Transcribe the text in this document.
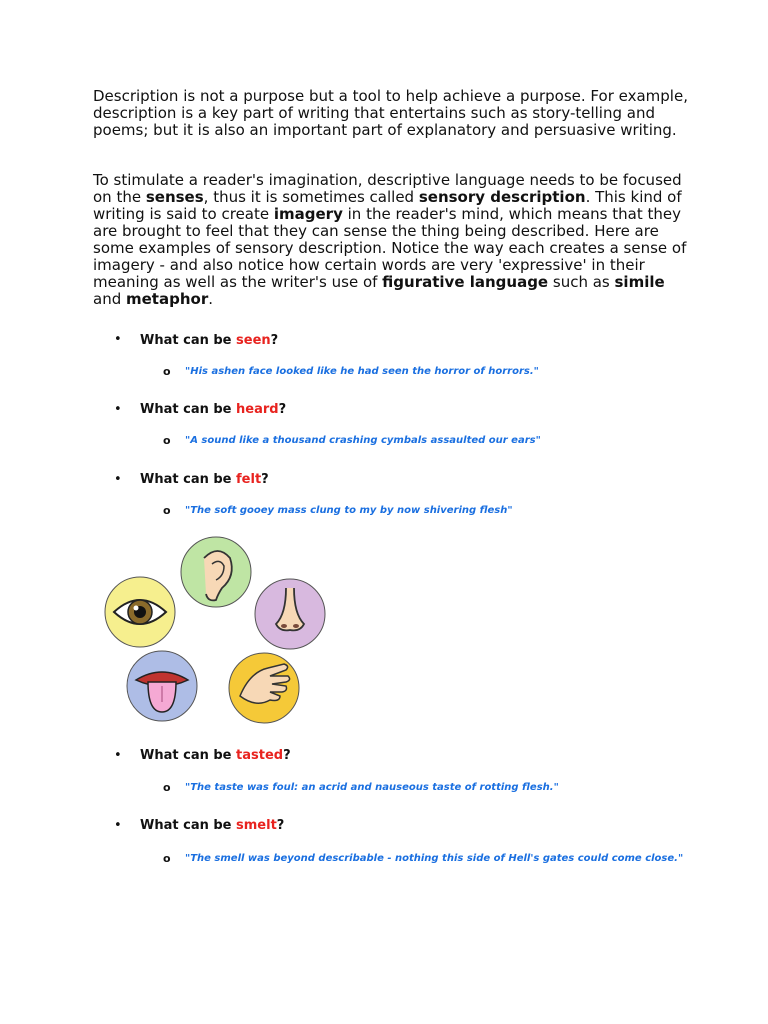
Description is not a purpose but a tool to help achieve a purpose. For example, description is a key part of writing that entertains such as story-telling and poems; but it is also an important part of explanatory and persuasive writing.

To stimulate a reader's imagination, descriptive language needs to be focused on the senses, thus it is sometimes called sensory description. This kind of writing is said to create imagery in the reader's mind, which means that they are brought to feel that they can sense the thing being described. Here are some examples of sensory description. Notice the way each creates a sense of imagery - and also notice how certain words are very 'expressive' in their meaning as well as the writer's use of figurative language such as simile and metaphor.

• What can be seen?
o "His ashen face looked like he had seen the horror of horrors."
• What can be heard?
o "A sound like a thousand crashing cymbals assaulted our ears"
• What can be felt?
o "The soft gooey mass clung to my by now shivering flesh"
• What can be tasted?
o "The taste was foul: an acrid and nauseous taste of rotting flesh."
• What can be smelt?
o "The smell was beyond describable - nothing this side of Hell's gates could come close."
